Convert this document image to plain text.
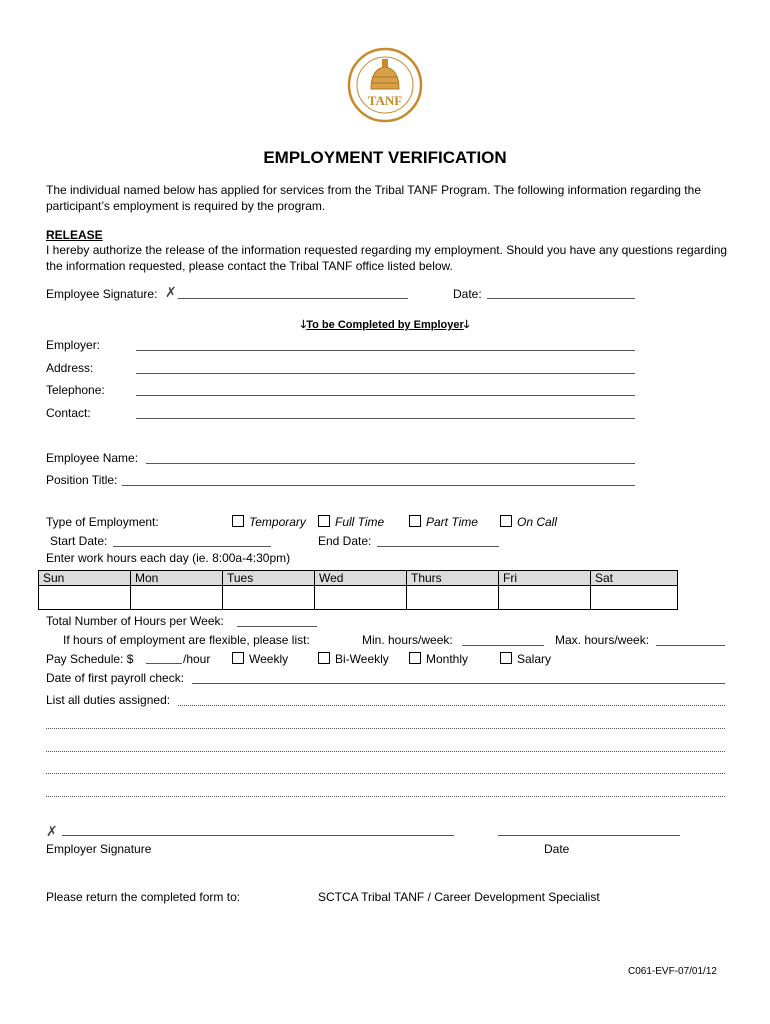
TANF
EMPLOYMENT VERIFICATION
The individual named below has applied for services from the Tribal TANF Program. The following information regarding the participant’s employment is required by the program.
RELEASE
I hereby authorize the release of the information requested regarding my employment. Should you have any questions regarding the information requested, please contact the Tribal TANF office listed below.
Employee Signature: ✗	Date:
🡓To be Completed by Employer🡓
Employer:
Address:
Telephone:
Contact:
Employee Name:
Position Title:
Type of Employment:	Temporary Full Time	Part Time	On Call
Start Date:	End Date:
Enter work hours each day (ie. 8:00a-4:30pm)
Sun	Mon	Tues	Wed	Thurs	Fri	Sat

Total Number of Hours per Week:
If hours of employment are flexible, please list:	Min. hours/week:	Max. hours/week:
Pay Schedule: $	/hour	Weekly	Bi-Weekly	Monthly	Salary
Date of first payroll check:
List all duties assigned:
✗
Employer Signature	Date
Please return the completed form to:	SCTCA Tribal TANF / Career Development Specialist
C061-EVF-07/01/12
